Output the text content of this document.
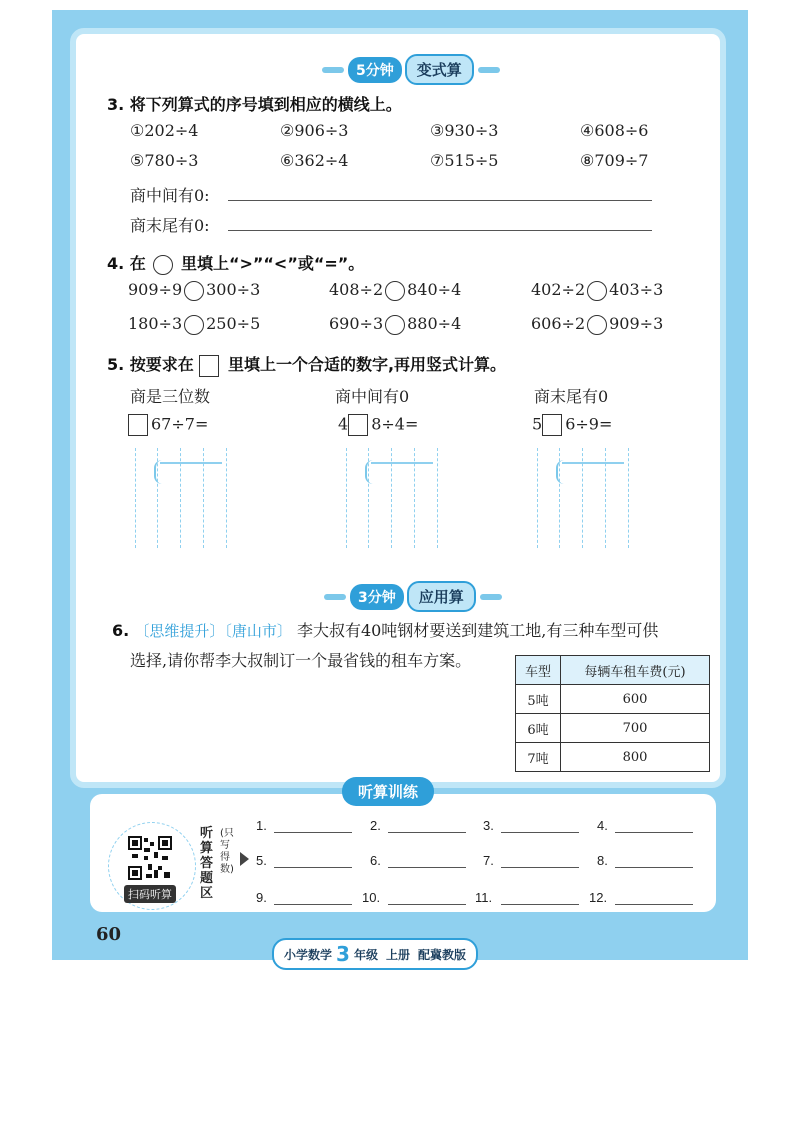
5分钟	变式算
3. 将下列算式的序号填到相应的横线上。
①202÷4	②906÷3	③930÷3	④608÷6
⑤780÷3	⑥362÷4	⑦515÷5	⑧709÷7
商中间有0:
商末尾有0:
4. 在 里填上“>”“<”或“=”。
909÷9 300÷3	408÷2 840÷4	402÷2 403÷3
180÷3 250÷5	690÷3 880÷4	606÷2 909÷3
5. 按要求在 里填上一个合适的数字,再用竖式计算。
商是三位数	商中间有0	商末尾有0
67÷7=	4 8÷4=	5 6÷9=
3分钟	应用算
6. 〔思维提升〕〔唐山市〕 李大叔有40吨钢材要送到建筑工地,有三种车型可供
选择,请你帮李大叔制订一个最省钱的租车方案。
车型	每辆车租车费(元)
5吨	600
6吨	700
7吨	800
听算训练
扫码听算
听算答题区
(只写得数)
1.	2.	3.	4.
5.	6.	7.	8.
9.	10.	11.	12.
60
小学数学 3 年级 上册 配冀教版
